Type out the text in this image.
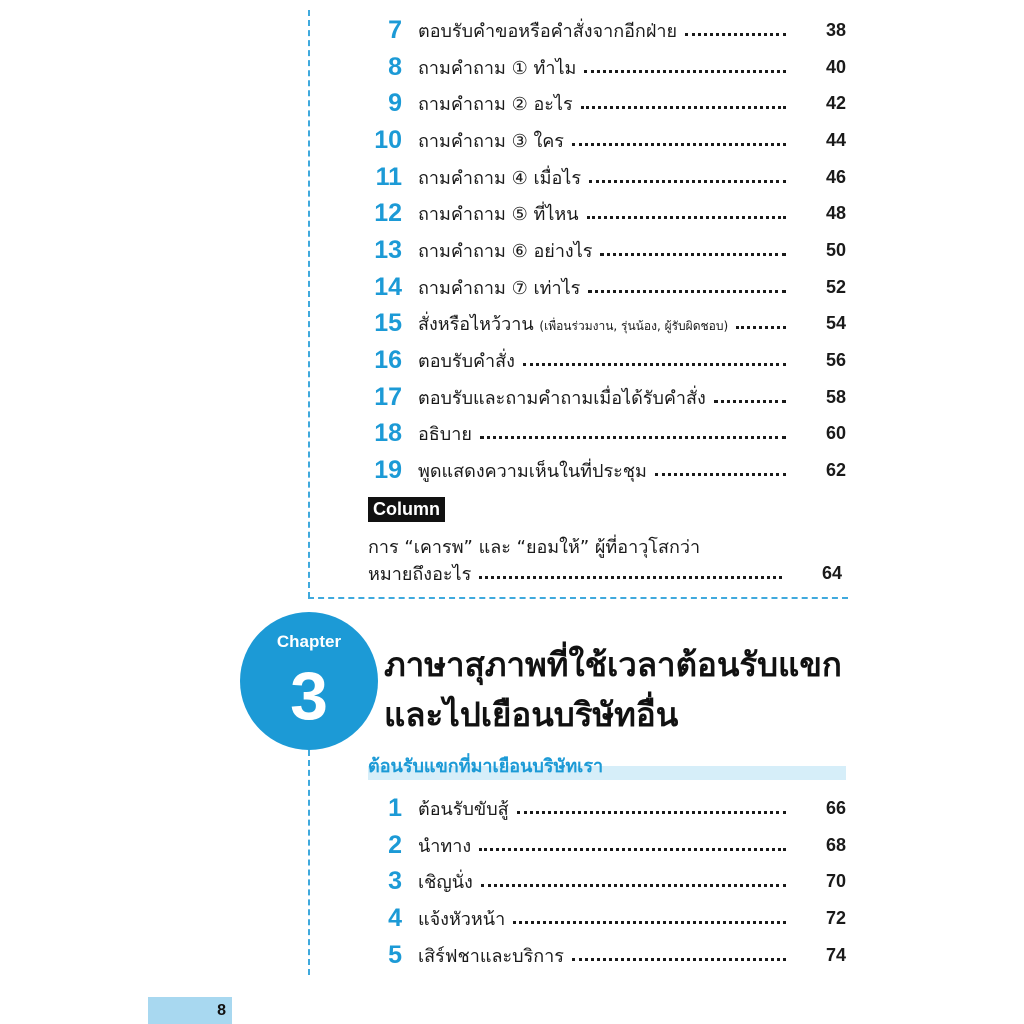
7 ตอบรับคำขอหรือคำสั่งจากอีกฝ่าย	38
8 ถามคำถาม ① ทำไม	40
9 ถามคำถาม ② อะไร	42
10 ถามคำถาม ③ ใคร	44
11 ถามคำถาม ④ เมื่อไร	46
12 ถามคำถาม ⑤ ที่ไหน	48
13 ถามคำถาม ⑥ อย่างไร	50
14 ถามคำถาม ⑦ เท่าไร	52
15 สั่งหรือไหว้วาน (เพื่อนร่วมงาน, รุ่นน้อง, ผู้รับผิดชอบ)	54
16 ตอบรับคำสั่ง	56
17 ตอบรับและถามคำถามเมื่อได้รับคำสั่ง	58
18 อธิบาย	60
19 พูดแสดงความเห็นในที่ประชุม	62
Column
การ “เคารพ” และ “ยอมให้” ผู้ที่อาวุโสกว่า
หมายถึงอะไร	64
Chapter
3	ภาษาสุภาพที่ใช้เวลาต้อนรับแขก
และไปเยือนบริษัทอื่น
ต้อนรับแขกที่มาเยือนบริษัทเรา
1 ต้อนรับขับสู้	66
2 นำทาง	68
3 เชิญนั่ง	70
4 แจ้งหัวหน้า	72
5 เสิร์ฟชาและบริการ	74
8
